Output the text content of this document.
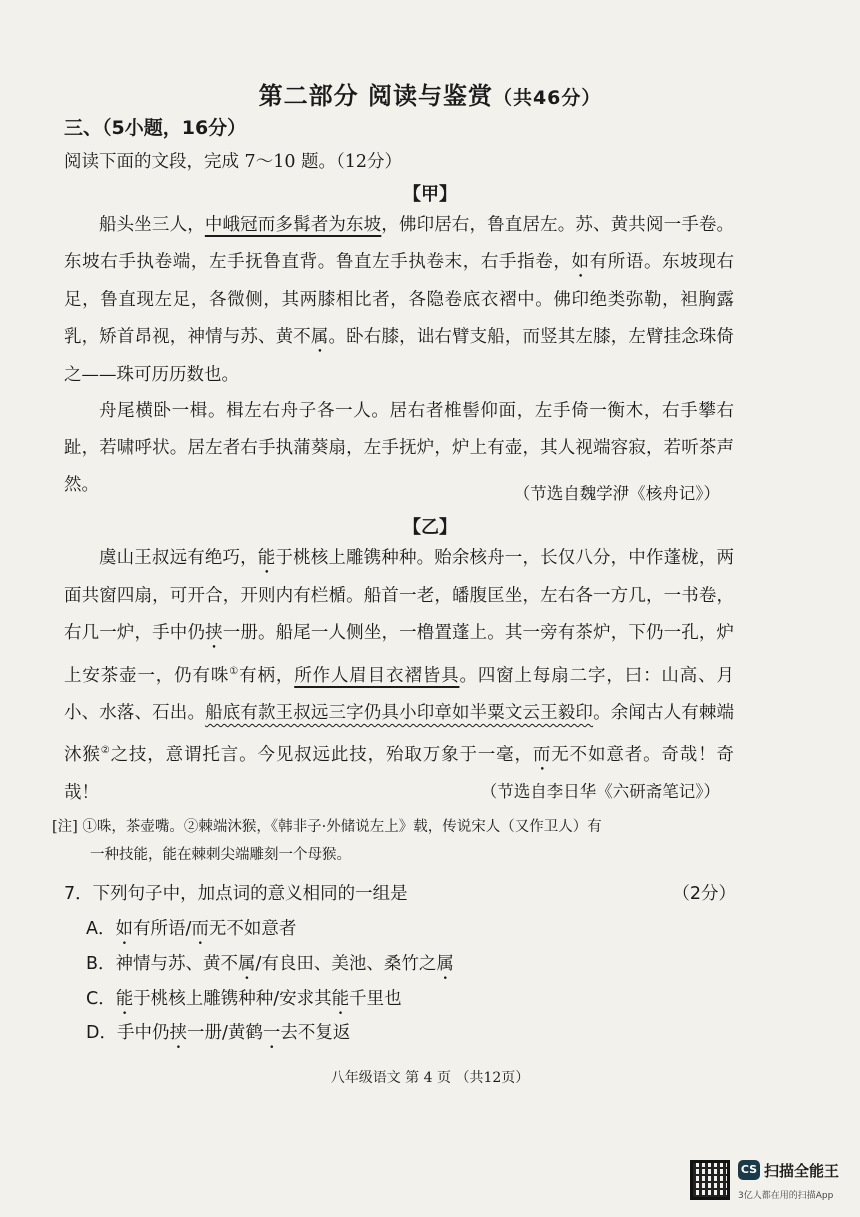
第二部分 阅读与鉴赏（共46分）
三、（5小题，16分）
阅读下面的文段，完成 7～10 题。（12分）
【甲】

船头坐三人，中峨冠而多髯者为东坡，佛印居右，鲁直居左。苏、黄共阅一手卷。东坡右手执卷端，左手抚鲁直背。鲁直左手执卷末，右手指卷，如有所语。东坡现右足，鲁直现左足，各微侧，其两膝相比者，各隐卷底衣褶中。佛印绝类弥勒，袒胸露乳，矫首昂视，神情与苏、黄不属。卧右膝，诎右臂支船，而竖其左膝，左臂挂念珠倚之——珠可历历数也。

舟尾横卧一楫。楫左右舟子各一人。居右者椎髻仰面，左手倚一衡木，右手攀右趾，若啸呼状。居左者右手执蒲葵扇，左手抚炉，炉上有壶，其人视端容寂，若听茶声然。	（节选自魏学洢《核舟记》）
【乙】

虞山王叔远有绝巧，能于桃核上雕镌种种。贻余核舟一，长仅八分，中作蓬栊，两面共窗四扇，可开合，开则内有栏楯。船首一老，皤腹匡坐，左右各一方几，一书卷，右几一炉，手中仍挟一册。船尾一人侧坐，一橹置蓬上。其一旁有茶炉，下仍一孔，炉上安茶壶一，仍有咮①有柄，所作人眉目衣褶皆具。四窗上每扇二字，曰：山高、月小、水落、石出。船底有款王叔远三字仍具小印章如半粟文云王毅印。余闻古人有棘端沐猴②之技，意谓托言。今见叔远此技，殆取万象于一毫，而无不如意者。奇哉！奇哉！	（节选自李日华《六研斋笔记》）
[注] ①咮，茶壶嘴。②棘端沐猴，《韩非子·外储说左上》载，传说宋人（又作卫人）有
一种技能，能在棘刺尖端雕刻一个母猴。
7．下列句子中，加点词的意义相同的一组是	（2分）
A．如有所语/而无不如意者
B．神情与苏、黄不属/有良田、美池、桑竹之属
C．能于桃核上雕镌种种/安求其能千里也
D．手中仍挟一册/黄鹤一去不复返
八年级语文 第 4 页 （共12页）
CS 扫描全能王
3亿人都在用的扫描App
